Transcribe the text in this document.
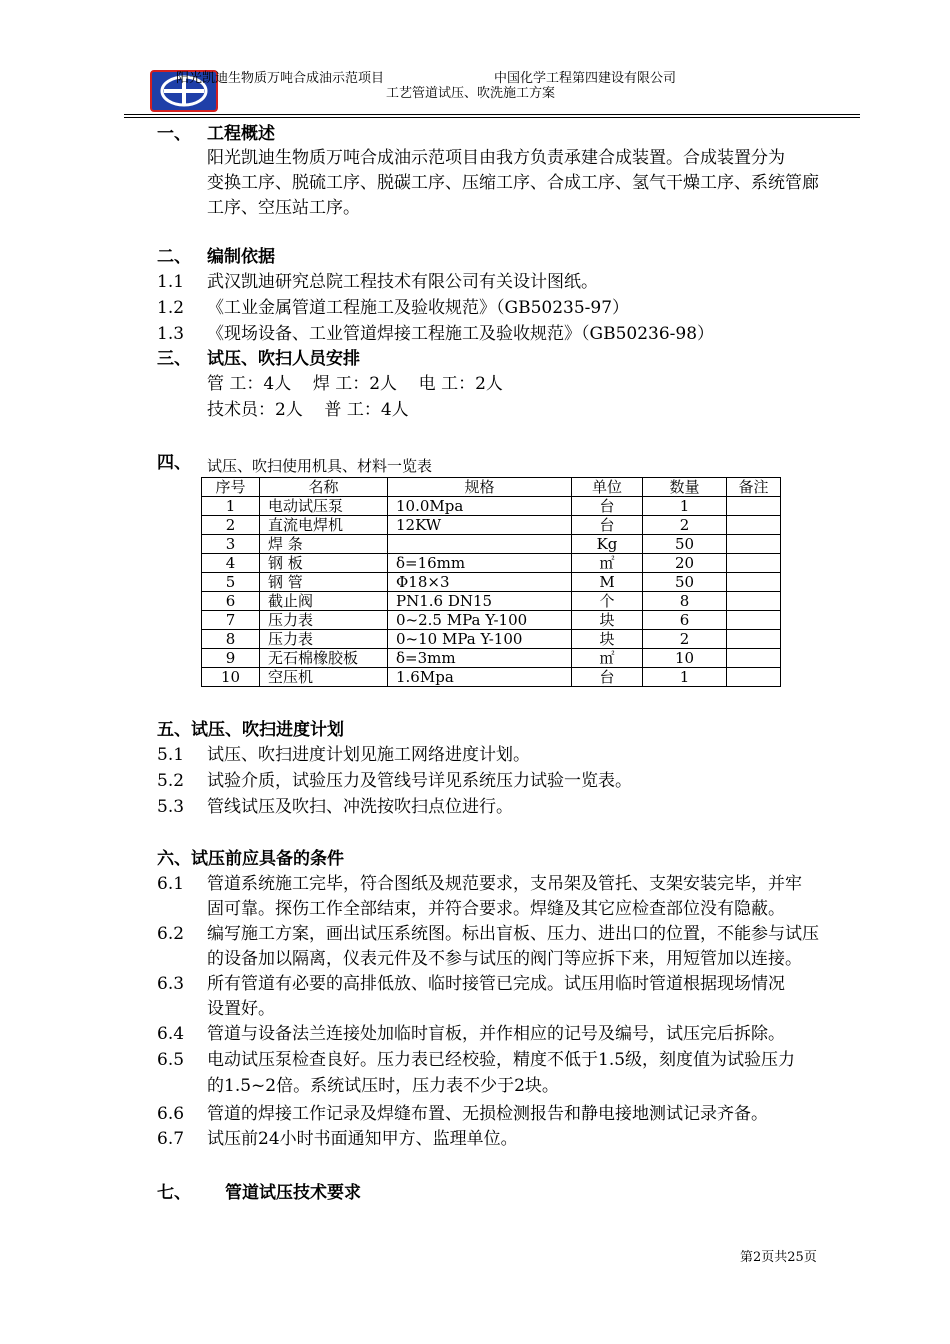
阳光凯迪生物质万吨合成油示范项目	中国化学工程第四建设有限公司
工艺管道试压、吹洗施工方案
一、 工程概述
阳光凯迪生物质万吨合成油示范项目由我方负责承建合成装置。合成装置分为
变换工序、脱硫工序、脱碳工序、压缩工序、合成工序、氢气干燥工序、系统管廊
工序、空压站工序。
二、 编制依据
1.1 武汉凯迪研究总院工程技术有限公司有关设计图纸。
1.2 《工业金属管道工程施工及验收规范》（GB50235-97）
1.3 《现场设备、工业管道焊接工程施工及验收规范》（GB50236-98）
三、 试压、吹扫人员安排
管 工：4人    焊 工：2人    电 工：2人
技术员：2人    普 工：4人
四、 试压、吹扫使用机具、材料一览表
序号	名称	规格	单位	数量	备注
1	电动试压泵	10.0Mpa	台	1	
2	直流电焊机	12KW	台	2	
3	焊 条		Kg	50	
4	钢 板	δ=16mm	㎡	20	
5	钢 管	Φ18×3	M	50	
6	截止阀	PN1.6 DN15	个	8	
7	压力表	0~2.5 MPa Y-100	块	6	
8	压力表	0~10 MPa Y-100	块	2	
9	无石棉橡胶板	δ=3mm	㎡	10	
10	空压机	1.6Mpa	台	1	
五、试压、吹扫进度计划
5.1 试压、吹扫进度计划见施工网络进度计划。
5.2 试验介质，试验压力及管线号详见系统压力试验一览表。
5.3 管线试压及吹扫、冲洗按吹扫点位进行。
六、试压前应具备的条件
6.1 管道系统施工完毕，符合图纸及规范要求，支吊架及管托、支架安装完毕，并牢
固可靠。探伤工作全部结束，并符合要求。焊缝及其它应检查部位没有隐蔽。
6.2 编写施工方案，画出试压系统图。标出盲板、压力、进出口的位置，不能参与试压
的设备加以隔离，仪表元件及不参与试压的阀门等应拆下来，用短管加以连接。
6.3 所有管道有必要的高排低放、临时接管已完成。试压用临时管道根据现场情况
设置好。
6.4 管道与设备法兰连接处加临时盲板，并作相应的记号及编号，试压完后拆除。
6.5 电动试压泵检查良好。压力表已经校验，精度不低于1.5级，刻度值为试验压力
的1.5~2倍。系统试压时，压力表不少于2块。
6.6 管道的焊接工作记录及焊缝布置、无损检测报告和静电接地测试记录齐备。
6.7 试压前24小时书面通知甲方、监理单位。
七、 管道试压技术要求
第2页共25页
